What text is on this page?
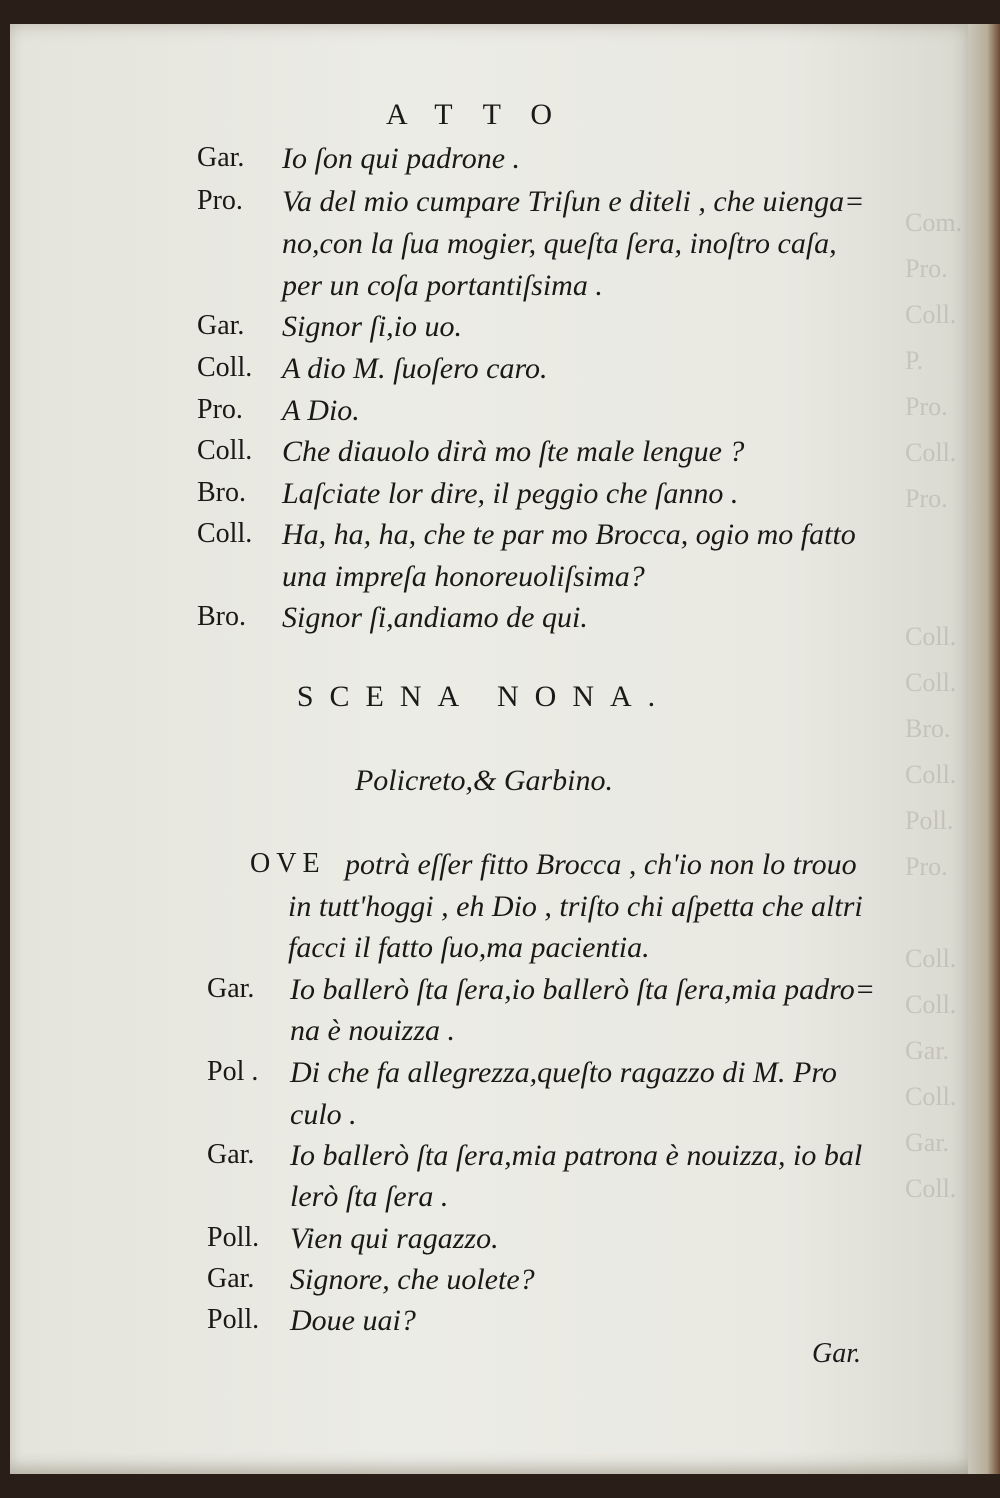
Com.
Pro.
Coll.
P.
Pro.
Coll.
Pro.

Coll.
Coll.
Bro.
Coll.
Poll.
Pro.

Coll.
Coll.
Gar.
Coll.
Gar.
Coll.
ATTO
Gar. Io ſon qui padrone .
Pro. Va del mio cumpare Triſun e diteli , che uienga=
no,con la ſua mogier, queſta ſera, inoſtro caſa,
per un coſa portantiſsima .
Gar. Signor ſi,io uo.
Coll. A dio M. ſuoſero caro.
Pro. A Dio.
Coll. Che diauolo dirà mo ſte male lengue ?
Bro. Laſciate lor dire, il peggio che ſanno .
Coll. Ha, ha, ha, che te par mo Brocca, ogio mo fatto
una impreſa honoreuoliſsima?
Bro. Signor ſi,andiamo de qui.
SCENA NONA.
Policreto,& Garbino.
OVE potrà eſſer fitto Brocca , ch'io non lo trouo
in tutt'hoggi , eh Dio , triſto chi aſpetta che altri
facci il fatto ſuo,ma pacientia.
Gar. Io ballerò ſta ſera,io ballerò ſta ſera,mia padro=
na è nouizza .
Pol . Di che fa allegrezza,queſto ragazzo di M. Pro
culo .
Gar. Io ballerò ſta ſera,mia patrona è nouizza, io bal
lerò ſta ſera .
Poll. Vien qui ragazzo.
Gar. Signore, che uolete?
Poll. Doue uai?
Gar.
